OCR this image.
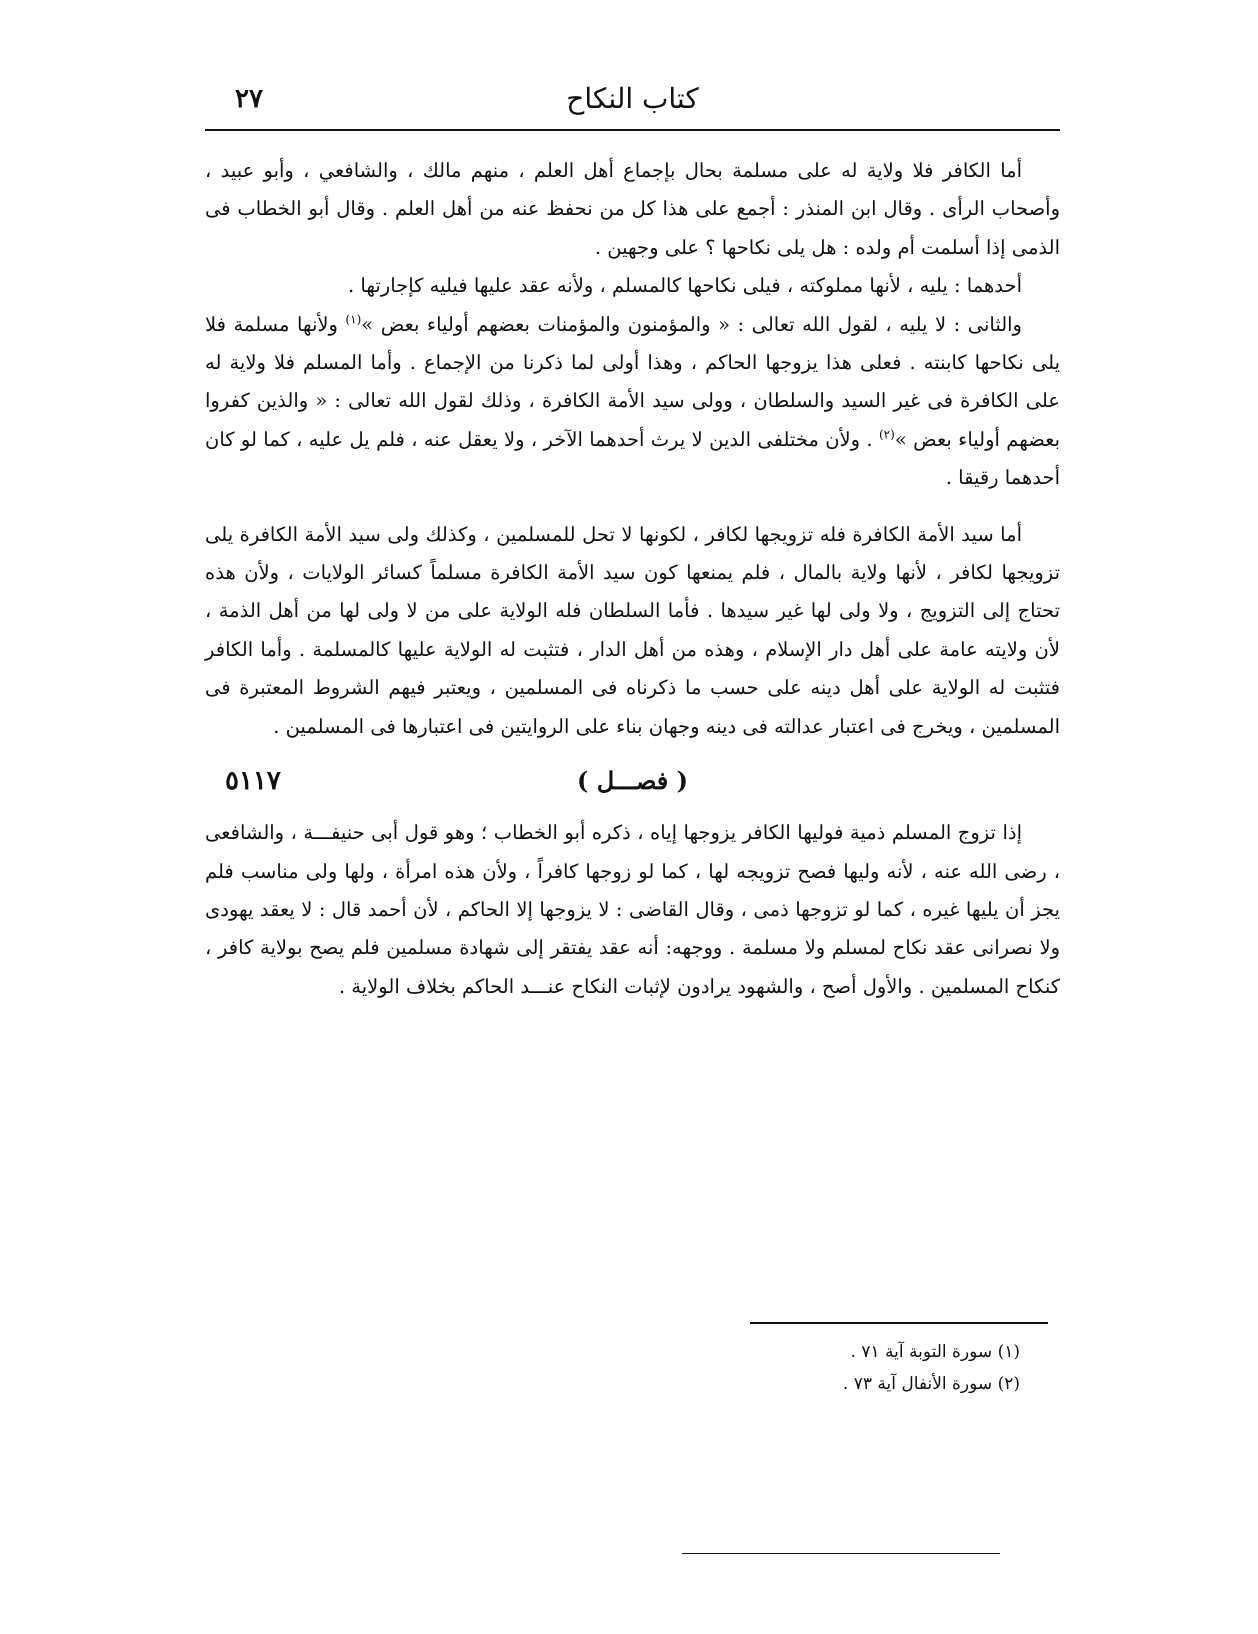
كتاب النكاح
٢٧

أما الكافر فلا ولاية له على مسلمة بحال بإجماع أهل العلم ، منهم مالك ، والشافعي ، وأبو عبيد ، وأصحاب الرأى . وقال ابن المنذر : أجمع على هذا كل من نحفظ عنه من أهل العلم . وقال أبو الخطاب فى الذمى إذا أسلمت أم ولده : هل يلى نكاحها ؟ على وجهين .

أحدهما : يليه ، لأنها مملوكته ، فيلى نكاحها كالمسلم ، ولأنه عقد عليها فيليه كإجارتها .

والثانى : لا يليه ، لقول الله تعالى : « والمؤمنون والمؤمنات بعضهم أولياء بعض »$^{(١)}$ ولأنها مسلمة فلا يلى نكاحها كابنته . فعلى هذا يزوجها الحاكم ، وهذا أولى لما ذكرنا من الإجماع . وأما المسلم فلا ولاية له على الكافرة فى غير السيد والسلطان ، وولى سيد الأمة الكافرة ، وذلك لقول الله تعالى : « والذين كفروا بعضهم أولياء بعض »$^{(٢)}$ . ولأن مختلفى الدين لا يرث أحدهما الآخر ، ولا يعقل عنه ، فلم يل عليه ، كما لو كان أحدهما رقيقا .

أما سيد الأمة الكافرة فله تزويجها لكافر ، لكونها لا تحل للمسلمين ، وكذلك ولى سيد الأمة الكافرة يلى تزويجها لكافر ، لأنها ولاية بالمال ، فلم يمنعها كون سيد الأمة الكافرة مسلماً كسائر الولايات ، ولأن هذه تحتاج إلى التزويج ، ولا ولى لها غير سيدها . فأما السلطان فله الولاية على من لا ولى لها من أهل الذمة ، لأن ولايته عامة على أهل دار الإسلام ، وهذه من أهل الدار ، فتثبت له الولاية عليها كالمسلمة . وأما الكافر فتثبت له الولاية على أهل دينه على حسب ما ذكرناه فى المسلمين ، ويعتبر فيهم الشروط المعتبرة فى المسلمين ، ويخرج فى اعتبار عدالته فى دينه وجهان بناء على الروايتين فى اعتبارها فى المسلمين .

( فصـــل )
٥١١٧

إذا تزوج المسلم ذمية فوليها الكافر يزوجها إياه ، ذكره أبو الخطاب ؛ وهو قول أبى حنيفـــة ، والشافعى ، رضى الله عنه ، لأنه وليها فصح تزويجه لها ، كما لو زوجها كافراً ، ولأن هذه امرأة ، ولها ولى مناسب فلم يجز أن يليها غيره ، كما لو تزوجها ذمى ، وقال القاضى : لا يزوجها إلا الحاكم ، لأن أحمد قال : لا يعقد يهودى ولا نصرانى عقد نكاح لمسلم ولا مسلمة . ووجهه: أنه عقد يفتقر إلى شهادة مسلمين فلم يصح بولاية كافر ، كنكاح المسلمين . والأول أصح ، والشهود يرادون لإثبات النكاح عنـــد الحاكم بخلاف الولاية .

(١) سورة التوبة آية ٧١ .
(٢) سورة الأنفال آية ٧٣ .
